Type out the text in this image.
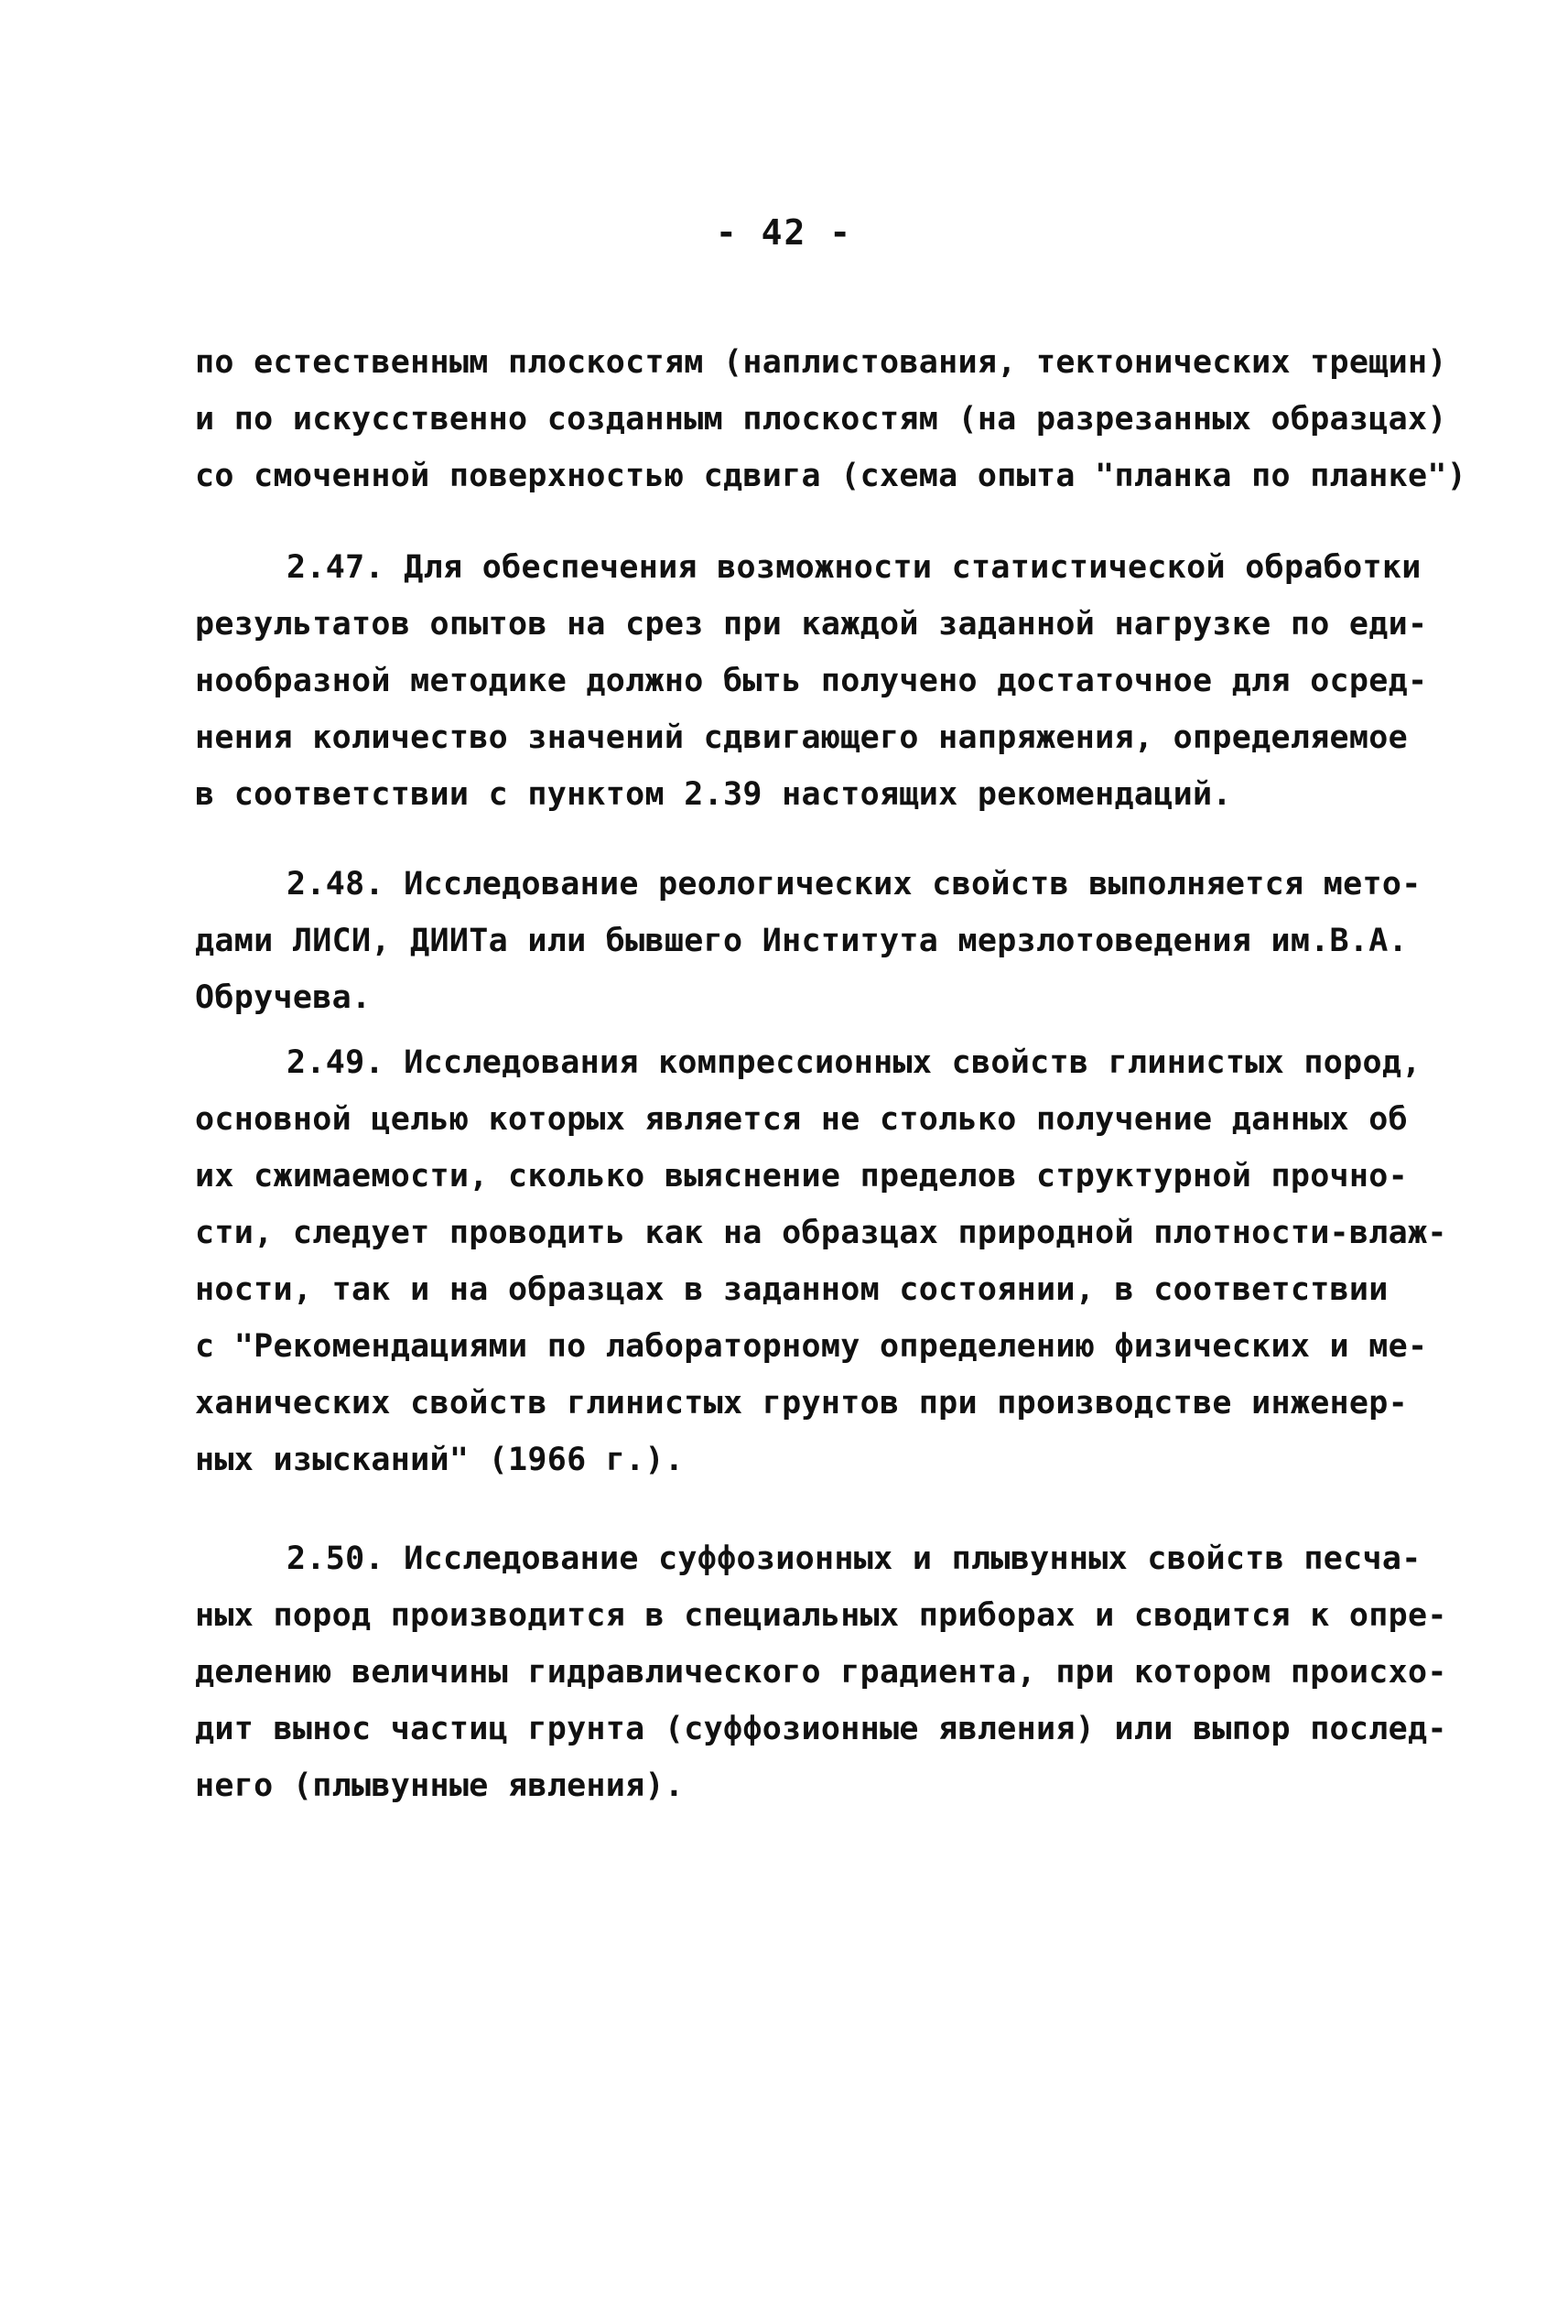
- 42 -
по естественным плоскостям (наплистования, тектонических трещин)
и по искусственно созданным плоскостям (на разрезанных образцах)
со смоченной поверхностью сдвига (схема опыта "планка по планке")
2.47. Для обеспечения возможности статистической обработки
результатов опытов на срез при каждой заданной нагрузке по еди-
нообразной методике должно быть получено достаточное для осред-
нения количество значений сдвигающего напряжения, определяемое
в соответствии с пунктом 2.39 настоящих рекомендаций.
2.48. Исследование реологических свойств выполняется мето-
дами ЛИСИ, ДИИТа или бывшего Института мерзлотоведения им.В.А.
Обручева.
2.49. Исследования компрессионных свойств глинистых пород,
основной целью которых является не столько получение данных об
их сжимаемости, сколько выяснение пределов структурной прочно-
сти, следует проводить как на образцах природной плотности-влаж-
ности, так и на образцах в заданном состоянии, в соответствии
с "Рекомендациями по лабораторному определению физических и ме-
ханических свойств глинистых грунтов при производстве инженер-
ных изысканий" (1966 г.).
2.50. Исследование суффозионных и плывунных свойств песча-
ных пород производится в специальных приборах и сводится к опре-
делению величины гидравлического градиента, при котором происхо-
дит вынос частиц грунта (суффозионные явления) или выпор послед-
него (плывунные явления).
